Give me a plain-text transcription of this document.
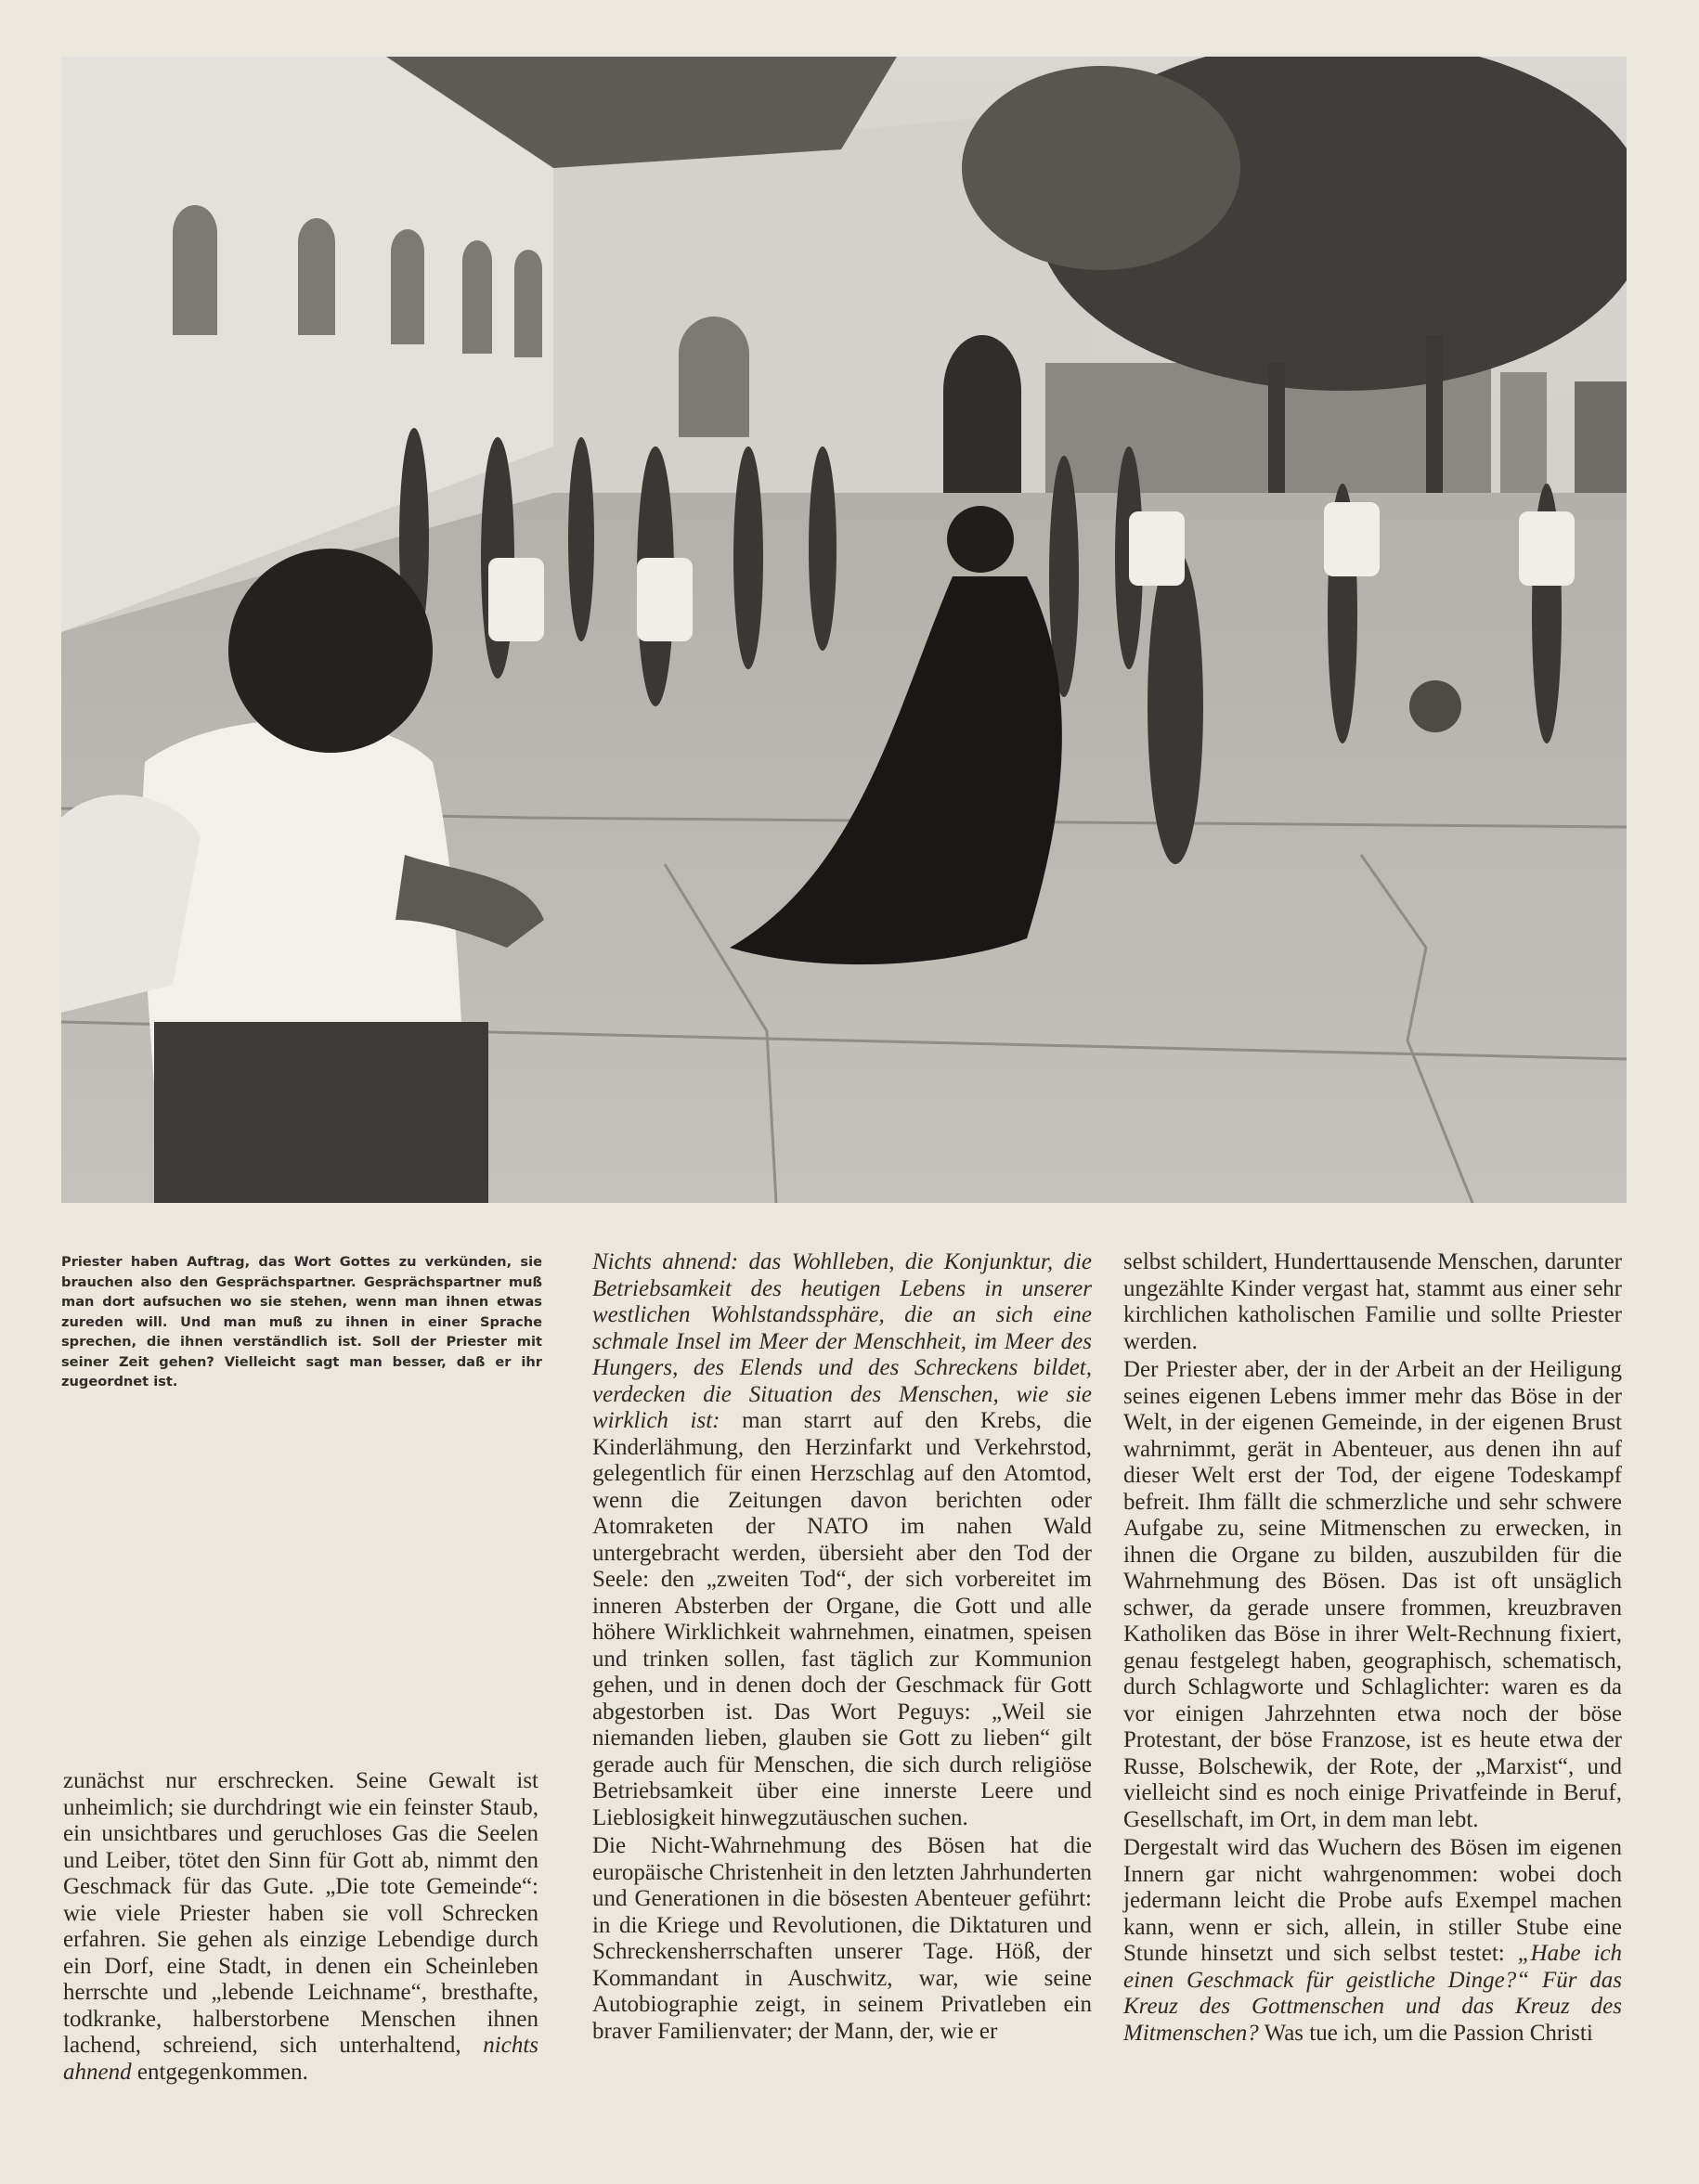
Priester haben Auftrag, das Wort Gottes zu verkünden, sie brauchen also den Gesprächspartner. Gesprächspartner muß man dort aufsuchen wo sie stehen, wenn man ihnen etwas zureden will. Und man muß zu ihnen in einer Sprache sprechen, die ihnen verständlich ist. Soll der Priester mit seiner Zeit gehen? Vielleicht sagt man besser, daß er ihr zugeordnet ist.

zunächst nur erschrecken. Seine Gewalt ist unheimlich; sie durchdringt wie ein feinster Staub, ein unsichtbares und geruchloses Gas die Seelen und Leiber, tötet den Sinn für Gott ab, nimmt den Geschmack für das Gute. „Die tote Gemeinde“: wie viele Priester haben sie voll Schrecken erfahren. Sie gehen als einzige Lebendige durch ein Dorf, eine Stadt, in denen ein Scheinleben herrschte und „lebende Leichname“, bresthafte, todkranke, halberstorbene Menschen ihnen lachend, schreiend, sich unterhaltend, nichts ahnend entgegenkommen.

Nichts ahnend: das Wohlleben, die Konjunktur, die Betriebsamkeit des heutigen Lebens in unserer westlichen Wohlstandssphäre, die an sich eine schmale Insel im Meer der Menschheit, im Meer des Hungers, des Elends und des Schreckens bildet, verdecken die Situation des Menschen, wie sie wirklich ist: man starrt auf den Krebs, die Kinderlähmung, den Herzinfarkt und Verkehrstod, gelegentlich für einen Herzschlag auf den Atomtod, wenn die Zeitungen davon berichten oder Atomraketen der NATO im nahen Wald untergebracht werden, übersieht aber den Tod der Seele: den „zweiten Tod“, der sich vorbereitet im inneren Absterben der Organe, die Gott und alle höhere Wirklichkeit wahrnehmen, einatmen, speisen und trinken sollen, fast täglich zur Kommunion gehen, und in denen doch der Geschmack für Gott abgestorben ist. Das Wort Peguys: „Weil sie niemanden lieben, glauben sie Gott zu lieben“ gilt gerade auch für Menschen, die sich durch religiöse Betriebsamkeit über eine innerste Leere und Lieblosigkeit hinwegzutäuschen suchen.

Die Nicht-Wahrnehmung des Bösen hat die europäische Christenheit in den letzten Jahrhunderten und Generationen in die bösesten Abenteuer geführt: in die Kriege und Revolutionen, die Diktaturen und Schreckensherrschaften unserer Tage. Höß, der Kommandant in Auschwitz, war, wie seine Autobiographie zeigt, in seinem Privatleben ein braver Familienvater; der Mann, der, wie er

selbst schildert, Hunderttausende Menschen, darunter ungezählte Kinder vergast hat, stammt aus einer sehr kirchlichen katholischen Familie und sollte Priester werden.

Der Priester aber, der in der Arbeit an der Heiligung seines eigenen Lebens immer mehr das Böse in der Welt, in der eigenen Gemeinde, in der eigenen Brust wahrnimmt, gerät in Abenteuer, aus denen ihn auf dieser Welt erst der Tod, der eigene Todeskampf befreit. Ihm fällt die schmerzliche und sehr schwere Aufgabe zu, seine Mitmenschen zu erwecken, in ihnen die Organe zu bilden, auszubilden für die Wahrnehmung des Bösen. Das ist oft unsäglich schwer, da gerade unsere frommen, kreuzbraven Katholiken das Böse in ihrer Welt-Rechnung fixiert, genau festgelegt haben, geographisch, schematisch, durch Schlagworte und Schlaglichter: waren es da vor einigen Jahrzehnten etwa noch der böse Protestant, der böse Franzose, ist es heute etwa der Russe, Bolschewik, der Rote, der „Marxist“, und vielleicht sind es noch einige Privatfeinde in Beruf, Gesellschaft, im Ort, in dem man lebt.

Dergestalt wird das Wuchern des Bösen im eigenen Innern gar nicht wahrgenommen: wobei doch jedermann leicht die Probe aufs Exempel machen kann, wenn er sich, allein, in stiller Stube eine Stunde hinsetzt und sich selbst testet: „Habe ich einen Geschmack für geistliche Dinge?“ Für das Kreuz des Gottmenschen und das Kreuz des Mitmenschen? Was tue ich, um die Passion Christi
